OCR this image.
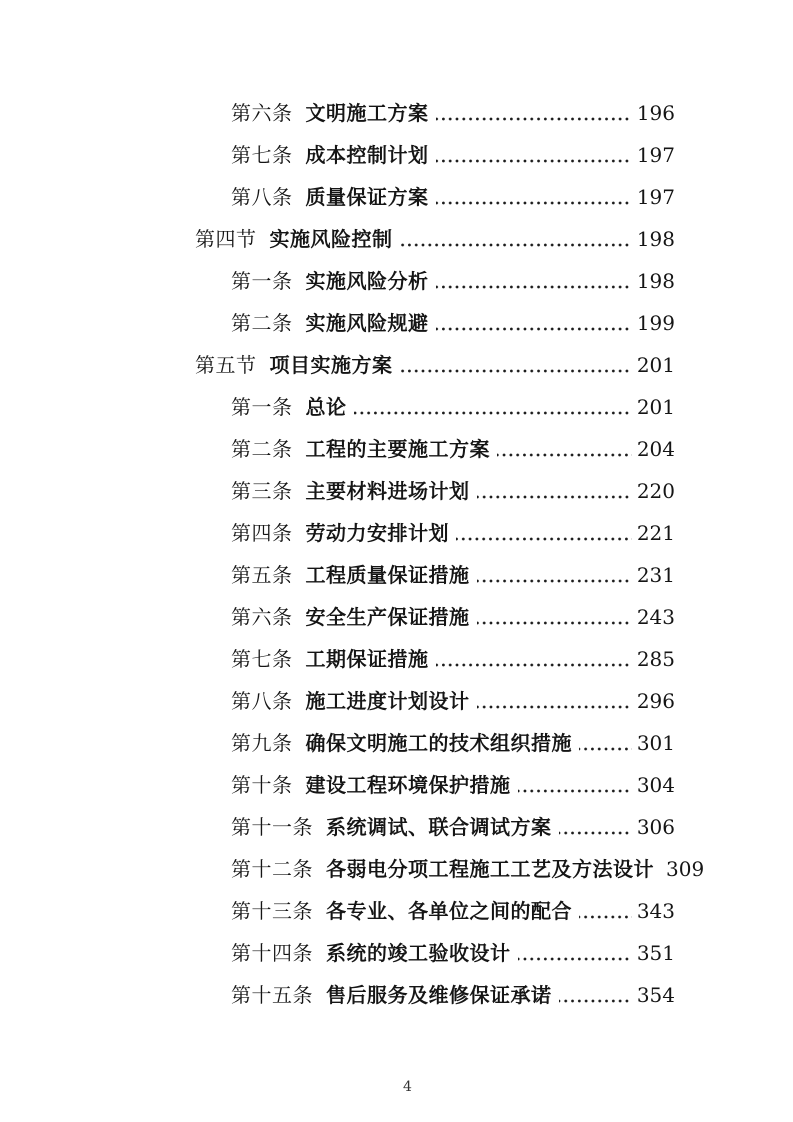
第六条 文明施工方案	196
第七条 成本控制计划	197
第八条 质量保证方案	197
第四节 实施风险控制	198
第一条 实施风险分析	198
第二条 实施风险规避	199
第五节 项目实施方案	201
第一条 总论	201
第二条 工程的主要施工方案	204
第三条 主要材料进场计划	220
第四条 劳动力安排计划	221
第五条 工程质量保证措施	231
第六条 安全生产保证措施	243
第七条 工期保证措施	285
第八条 施工进度计划设计	296
第九条 确保文明施工的技术组织措施	301
第十条 建设工程环境保护措施	304
第十一条 系统调试、联合调试方案	306
第十二条 各弱电分项工程施工工艺及方法设计 309
第十三条 各专业、各单位之间的配合	343
第十四条 系统的竣工验收设计	351
第十五条 售后服务及维修保证承诺	354
4
